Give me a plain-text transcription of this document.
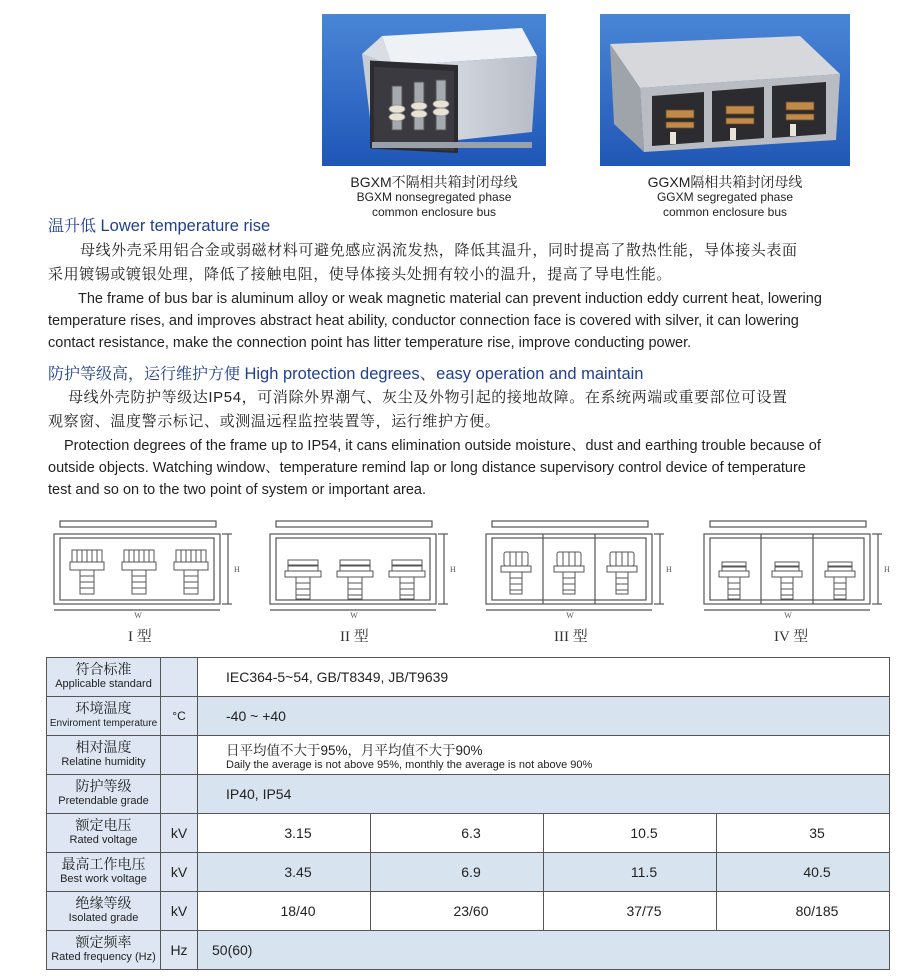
BGXM不隔相共箱封闭母线
BGXM nonsegregated phase
common enclosure bus
GGXM隔相共箱封闭母线
GGXM segregated phase
common enclosure bus
温升低 Lower temperature rise
母线外壳采用铝合金或弱磁材料可避免感应涡流发热，降低其温升，同时提高了散热性能，导体接头表面
采用镀锡或镀银处理，降低了接触电阻，使导体接头处拥有较小的温升，提高了导电性能。
The frame of bus bar is aluminum alloy or weak magnetic material can prevent induction eddy current heat, lowering
temperature rises, and improves abstract heat ability, conductor connection face is covered with silver, it can lowering
contact resistance, make the connection point has litter temperature rise, improve conducting power.
防护等级高，运行维护方便 High protection degrees、easy operation and maintain
母线外壳防护等级达IP54，可消除外界潮气、灰尘及外物引起的接地故障。在系统两端或重要部位可设置
观察窗、温度警示标记、或测温远程监控装置等，运行维护方便。
Protection degrees of the frame up to IP54, it cans elimination outside moisture、dust and earthing trouble because of
outside objects. Watching window、temperature remind lap or long distance supervisory control device of temperature
test and so on to the two point of system or important area.
W
H
I 型
W
H
II 型
W
H
III 型
W
H
IV 型
符合标准
Applicable standard		IEC364-5~54, GB/T8349, JB/T9639			

环境温度
Enviroment temperature	°C	-40 ~ +40			

相对温度
Relatine humidity		日平均值不大于95%，月平均值不大于90%
Daily the average is not above 95%, monthly the average is not above 90%			

防护等级
Pretendable grade		IP40, IP54			

额定电压
Rated voltage	kV	3.15	6.3	10.5	35

最高工作电压
Best work voltage	kV	3.45	6.9	11.5	40.5

绝缘等级
Isolated grade	kV	18/40	23/60	37/75	80/185

额定频率
Rated frequency (Hz)	Hz	50(60)			
